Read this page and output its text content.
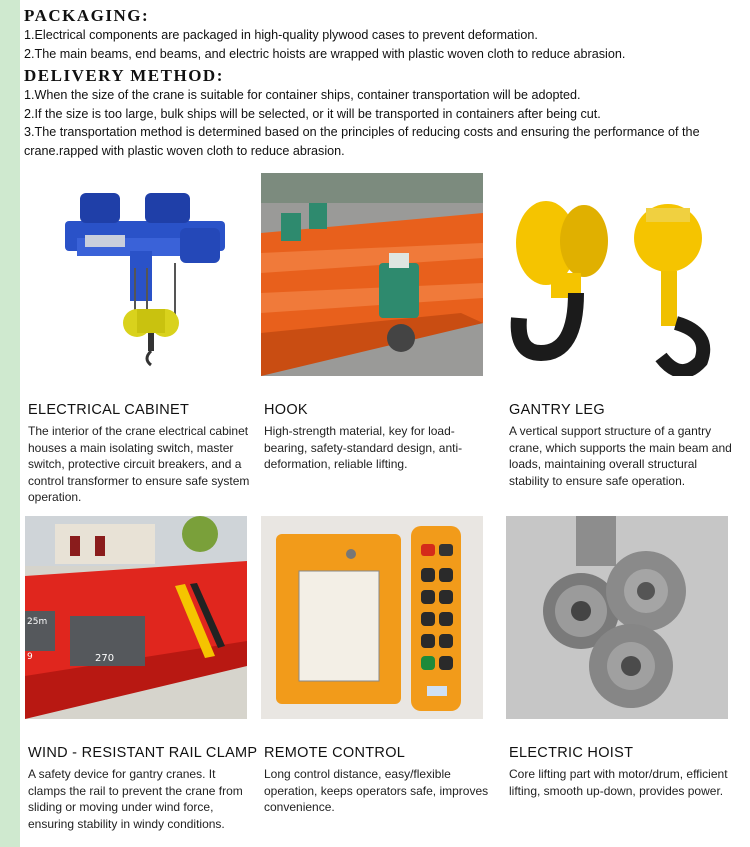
PACKAGING:
1.Electrical components are packaged in high-quality plywood cases to prevent deformation.
2.The main beams, end beams, and electric hoists are wrapped with plastic woven cloth to reduce abrasion.
DELIVERY METHOD:
1.When the size of the crane is suitable for container ships, container transportation will be adopted.
2.If the size is too large, bulk ships will be selected, or it will be transported in containers after being cut.
3.The transportation method is determined based on the principles of reducing costs and ensuring the performance of the crane.rapped with plastic woven cloth to reduce abrasion.
ELECTRICAL CABINET
The interior of the crane electrical cabinet houses a main isolating switch, master switch, protective circuit breakers, and a control transformer to ensure safe system operation.
HOOK
High-strength material, key for load-bearing, safety-standard design, anti-deformation, reliable lifting.
GANTRY LEG
A vertical support structure of a gantry crane, which supports the main beam and loads, maintaining overall structural stability to ensure safe operation.
25m
270
9
WIND - RESISTANT RAIL CLAMP
A safety device for gantry cranes. It clamps the rail to prevent the crane from sliding or moving under wind force, ensuring stability in windy conditions.
REMOTE CONTROL
Long control distance, easy/flexible operation, keeps operators safe, improves convenience.
ELECTRIC HOIST
Core lifting part with motor/drum, efficient lifting, smooth up-down, provides power.
